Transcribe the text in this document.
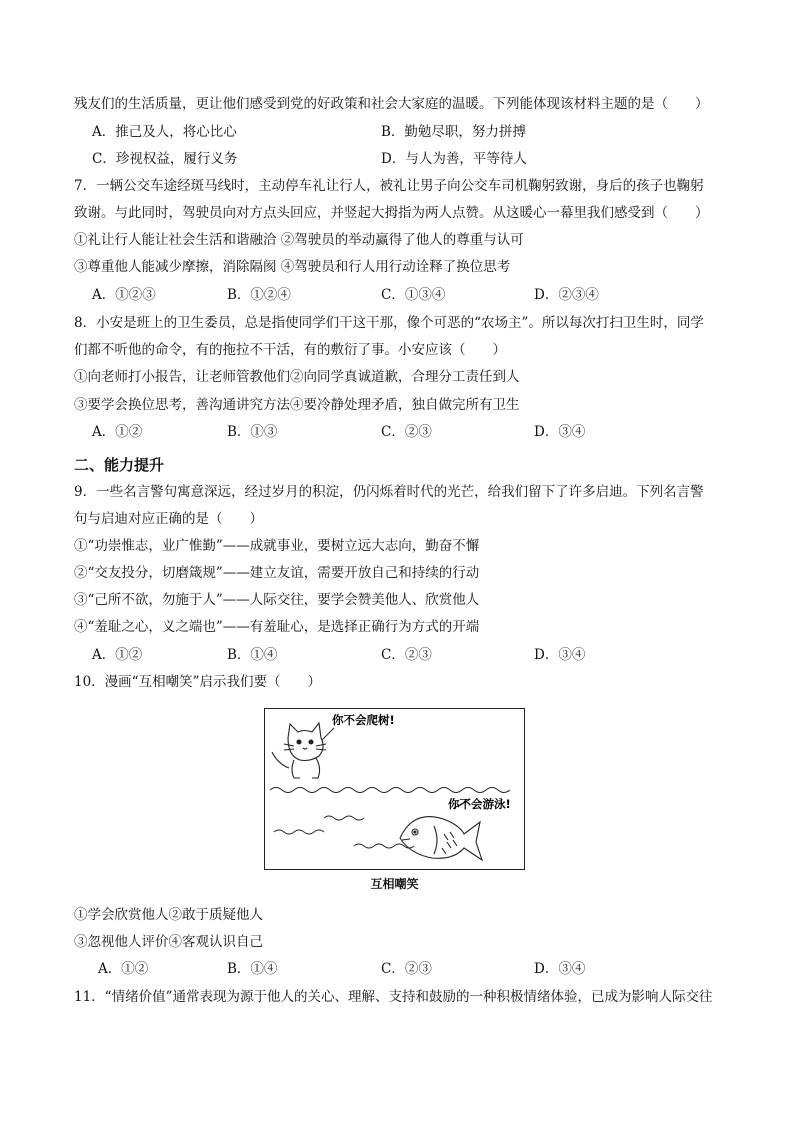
残友们的生活质量，更让他们感受到党的好政策和社会大家庭的温暖。下列能体现该材料主题的是（　　）
A．推己及人，将心比心	B．勤勉尽职，努力拼搏
C．珍视权益，履行义务	D．与人为善，平等待人
7．一辆公交车途经斑马线时，主动停车礼让行人，被礼让男子向公交车司机鞠躬致谢，身后的孩子也鞠躬
致谢。与此同时，驾驶员向对方点头回应，并竖起大拇指为两人点赞。从这暖心一幕里我们感受到（　　）
①礼让行人能让社会生活和谐融洽 ②驾驶员的举动赢得了他人的尊重与认可
③尊重他人能减少摩擦，消除隔阂 ④驾驶员和行人用行动诠释了换位思考
A．①②③	B．①②④	C．①③④	D．②③④
8．小安是班上的卫生委员，总是指使同学们干这干那，像个可恶的“农场主”。所以每次打扫卫生时，同学
们都不听他的命令，有的拖拉不干活，有的敷衍了事。小安应该（　　）
①向老师打小报告，让老师管教他们②向同学真诚道歉，合理分工责任到人
③要学会换位思考，善沟通讲究方法④要冷静处理矛盾，独自做完所有卫生
A．①②	B．①③	C．②③	D．③④
二、能力提升
9．一些名言警句寓意深远，经过岁月的积淀，仍闪烁着时代的光芒，给我们留下了许多启迪。下列名言警
句与启迪对应正确的是（　　）
①“功崇惟志，业广惟勤”——成就事业，要树立远大志向，勤奋不懈
②“交友投分，切磨箴规”——建立友谊，需要开放自己和持续的行动
③“己所不欲，勿施于人”——人际交往，要学会赞美他人、欣赏他人
④“羞耻之心，义之端也”——有羞耻心，是选择正确行为方式的开端
A．①②	B．①④	C．②③	D．③④
10．漫画“互相嘲笑”启示我们要（　　）
你不会爬树!
你不会游泳!
互相嘲笑
①学会欣赏他人②敢于质疑他人
③忽视他人评价④客观认识自己
A．①②	B．①④	C．②③	D．③④
11．“情绪价值”通常表现为源于他人的关心、理解、支持和鼓励的一种积极情绪体验，已成为影响人际交往
